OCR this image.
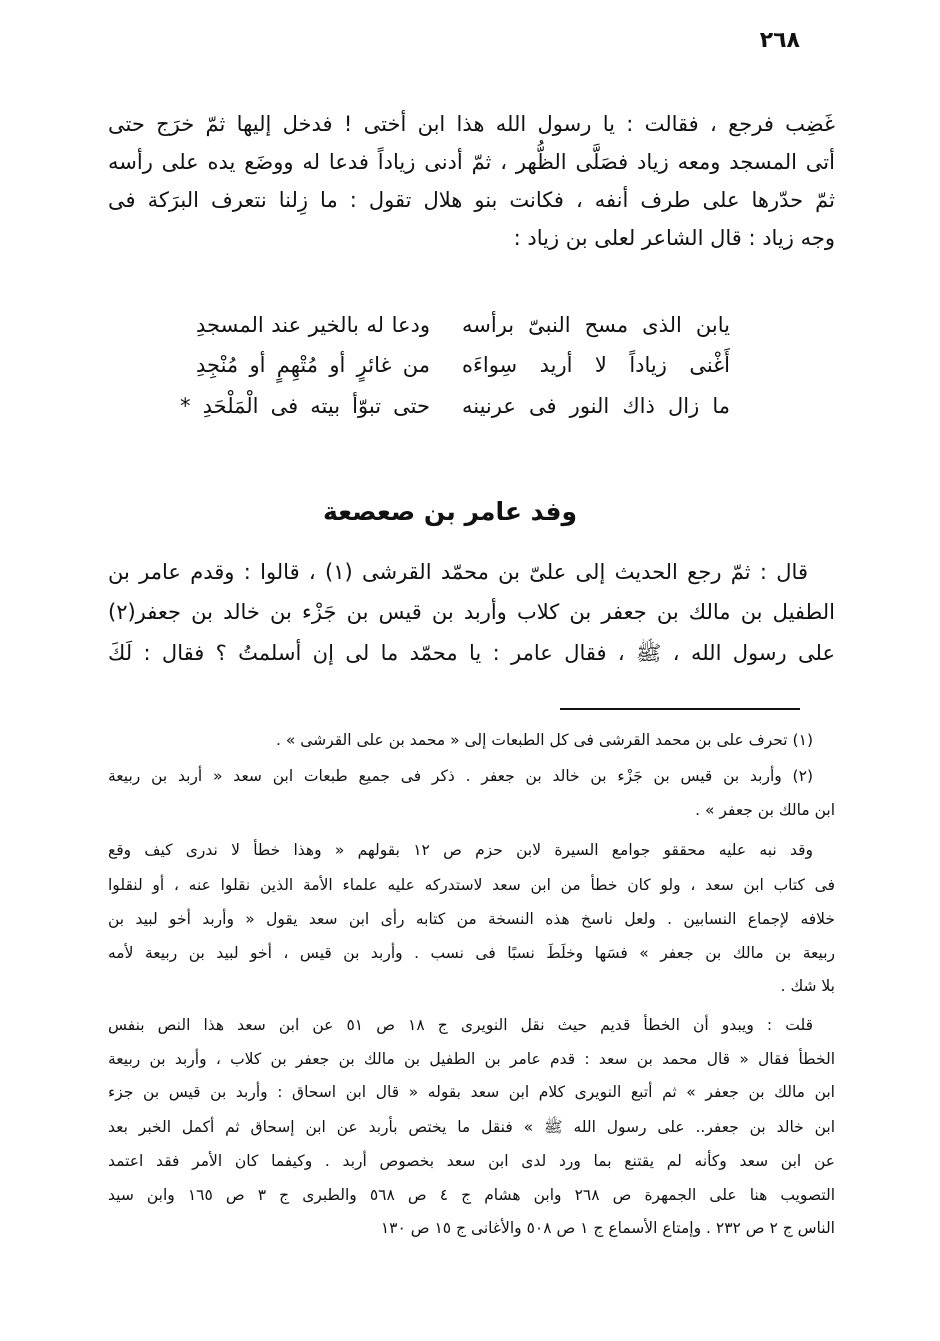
٢٦٨
غَضِب فرجع ، فقالت : يا رسول الله هذا ابن أختى ! فدخل إليها ثمّ خرَج حتى
أتى المسجد ومعه زياد فصَلَّى الظُّهر ، ثمّ أدنى زياداً فدعا له ووضَع يده على رأسه
ثمّ حدّرها على طرف أنفه ، فكانت بنو هلال تقول : ما زِلنا نتعرف البرَكة فى
وجه زياد : قال الشاعر لعلى بن زياد :
يابن الذى مسح النبىّ برأسه
ودعا له بالخير عند المسجدِ
أَغْنى زياداً لا أريد سِواءَه
من غائرٍ أو مُتْهِمٍ أو مُنْجِدِ
ما زال ذاك النور فى عرنينه
حتى تبوّأ بيته فى الْمَلْحَدِ *
وفد عامر بن صعصعة
قال : ثمّ رجع الحديث إلى علىّ بن محمّد القرشى (١) ، قالوا : وقدم عامر بن
الطفيل بن مالك بن جعفر بن كلاب وأربد بن قيس بن جَزْء بن خالد بن جعفر(٢)
على رسول الله ، ﷺ ، فقال عامر : يا محمّد ما لى إن أسلمتُ ؟ فقال : لَكَ
(١) تحرف على بن محمد القرشى فى كل الطبعات إلى « محمد بن على القرشى » .
(٢) وأربد بن قيس بن جَزْء بن خالد بن جعفر . ذكر فى جميع طبعات ابن سعد « أربد بن ربيعة
ابن مالك بن جعفر » .
وقد نبه عليه محققو جوامع السيرة لابن حزم ص ١٢ بقولهم « وهذا خطأ لا ندرى كيف وقع
فى كتاب ابن سعد ، ولو كان خطأ من ابن سعد لاستدركه عليه علماء الأمة الذين نقلوا عنه ، أو لنقلوا
خلافه لإجماع النسابين . ولعل ناسخ هذه النسخة من كتابه رأى ابن سعد يقول « وأربد أخو لبيد بن
ربيعة بن مالك بن جعفر » فسَها وخلَطَ نسبًا فى نسب . وأربد بن قيس ، أخو لبيد بن ربيعة لأمه
بلا شك .
قلت : ويبدو أن الخطأ قديم حيث نقل النويرى ج ١٨ ص ٥١ عن ابن سعد هذا النص بنفس
الخطأ فقال « قال محمد بن سعد : قدم عامر بن الطفيل بن مالك بن جعفر بن كلاب ، وأربد بن ربيعة
ابن مالك بن جعفر » ثم أتبع النويرى كلام ابن سعد بقوله « قال ابن اسحاق : وأربد بن قيس بن جزء
ابن خالد بن جعفر.. على رسول الله ﷺ » فنقل ما يختص بأربد عن ابن إسحاق ثم أكمل الخبر بعد
عن ابن سعد وكأنه لم يقتنع بما ورد لدى ابن سعد بخصوص أربد . وكيفما كان الأمر فقد اعتمد
التصويب هنا على الجمهرة ص ٢٦٨ وابن هشام ج ٤ ص ٥٦٨ والطبرى ج ٣ ص ١٦٥ وابن سيد
الناس ج ٢ ص ٢٣٢ . وإمتاع الأسماع ج ١ ص ٥٠٨ والأغانى ج ١٥ ص ١٣٠
